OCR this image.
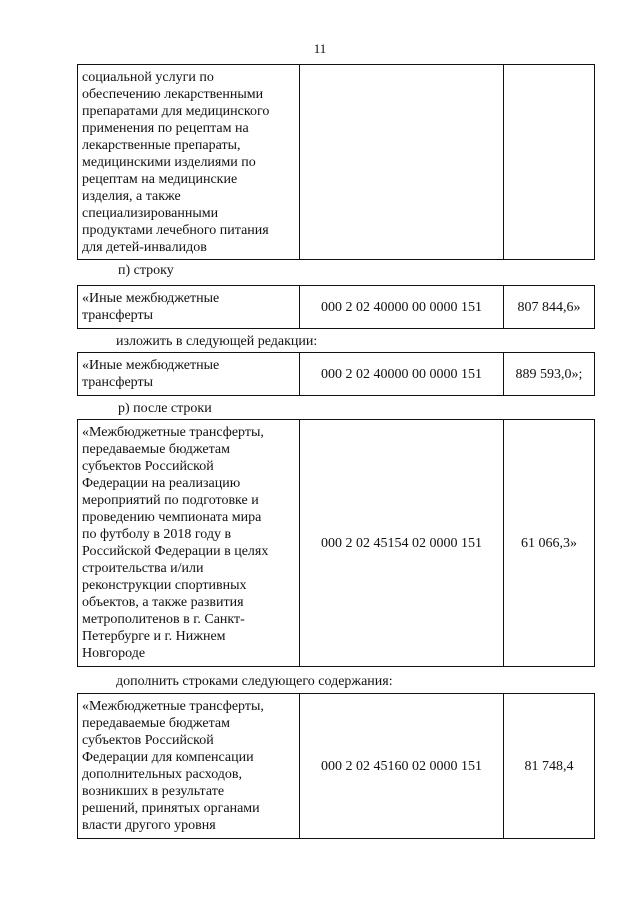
11
социальной услуги по
обеспечению лекарственными
препаратами для медицинского
применения по рецептам на
лекарственные препараты,
медицинскими изделиями по
рецептам на медицинские
изделия, а также
специализированными
продуктами лечебного питания
для детей-инвалидов		
п) строку
«Иные межбюджетные
трансферты	000 2 02 40000 00 0000 151	807 844,6»
изложить в следующей редакции:
«Иные межбюджетные
трансферты	000 2 02 40000 00 0000 151	889 593,0»;
р) после строки
«Межбюджетные трансферты,
передаваемые бюджетам
субъектов Российской
Федерации на реализацию
мероприятий по подготовке и
проведению чемпионата мира
по футболу в 2018 году в
Российской Федерации в целях
строительства и/или
реконструкции спортивных
объектов, а также развития
метрополитенов в г. Санкт-
Петербурге и г. Нижнем
Новгороде	000 2 02 45154 02 0000 151	61 066,3»
дополнить строками следующего содержания:
«Межбюджетные трансферты,
передаваемые бюджетам
субъектов Российской
Федерации для компенсации
дополнительных расходов,
возникших в результате
решений, принятых органами
власти другого уровня	000 2 02 45160 02 0000 151	81 748,4
